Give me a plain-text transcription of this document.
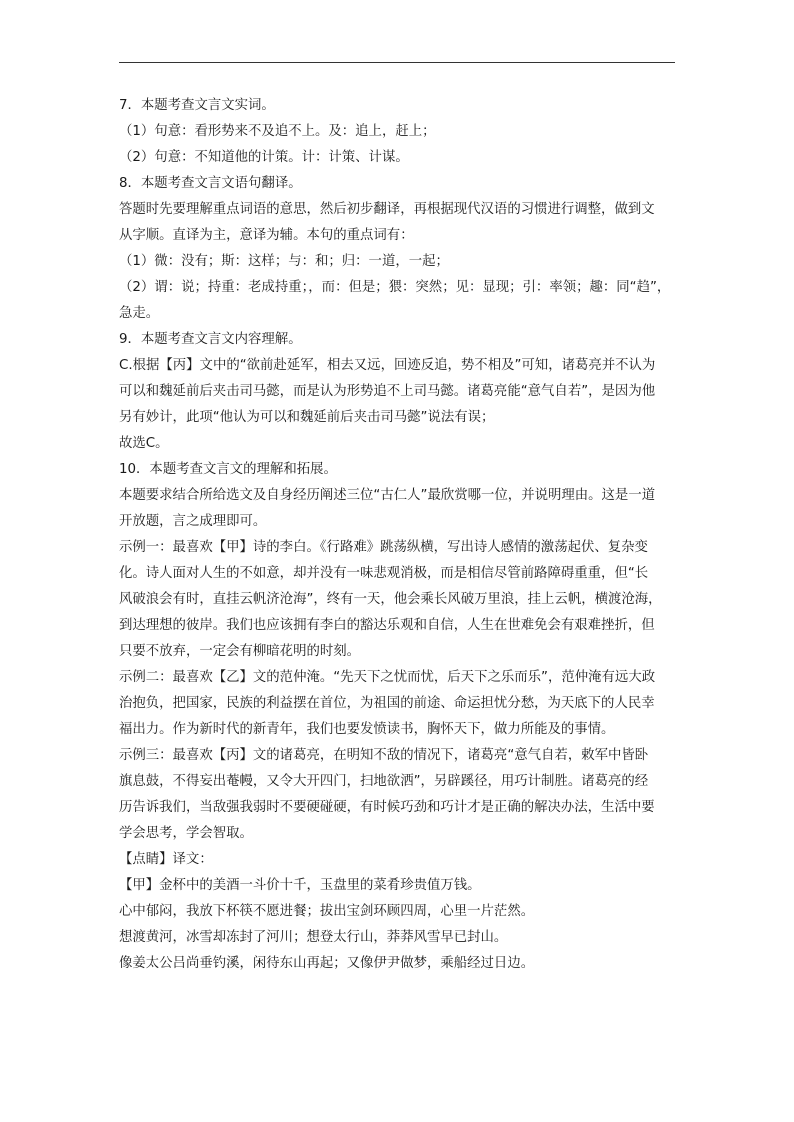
7．本题考查文言文实词。

（1）句意：看形势来不及追不上。及：追上，赶上；

（2）句意：不知道他的计策。计：计策、计谋。

8．本题考查文言文语句翻译。

答题时先要理解重点词语的意思，然后初步翻译，再根据现代汉语的习惯进行调整，做到文

从字顺。直译为主，意译为辅。本句的重点词有：

（1）微：没有；斯：这样；与：和；归：一道，一起；

（2）谓：说；持重：老成持重；，而：但是；猥：突然；见：显现；引：率领；趣：同“趋”，

急走。

9．本题考查文言文内容理解。

C.根据【丙】文中的“欲前赴延军，相去又远，回迹反追，势不相及”可知，诸葛亮并不认为

可以和魏延前后夹击司马懿，而是认为形势追不上司马懿。诸葛亮能“意气自若”，是因为他

另有妙计，此项“他认为可以和魏延前后夹击司马懿”说法有误；

故选C。

10．本题考查文言文的理解和拓展。

本题要求结合所给选文及自身经历阐述三位“古仁人”最欣赏哪一位，并说明理由。这是一道

开放题，言之成理即可。

示例一：最喜欢【甲】诗的李白。《行路难》跳荡纵横，写出诗人感情的激荡起伏、复杂变

化。诗人面对人生的不如意，却并没有一味悲观消极，而是相信尽管前路障碍重重，但“长

风破浪会有时，直挂云帆济沧海”，终有一天，他会乘长风破万里浪，挂上云帆，横渡沧海，

到达理想的彼岸。我们也应该拥有李白的豁达乐观和自信，人生在世难免会有艰难挫折，但

只要不放弃，一定会有柳暗花明的时刻。

示例二：最喜欢【乙】文的范仲淹。“先天下之忧而忧，后天下之乐而乐”，范仲淹有远大政

治抱负，把国家，民族的利益摆在首位，为祖国的前途、命运担忧分愁，为天底下的人民幸

福出力。作为新时代的新青年，我们也要发愤读书，胸怀天下，做力所能及的事情。

示例三：最喜欢【丙】文的诸葛亮，在明知不敌的情况下，诸葛亮“意气自若，敕军中皆卧

旗息鼓，不得妄出菴幔，又令大开四门，扫地欲洒”，另辟蹊径，用巧计制胜。诸葛亮的经

历告诉我们，当敌强我弱时不要硬碰硬，有时候巧劲和巧计才是正确的解决办法，生活中要

学会思考，学会智取。

【点睛】译文：

【甲】金杯中的美酒一斗价十千，玉盘里的菜肴珍贵值万钱。

心中郁闷，我放下杯筷不愿进餐；拔出宝剑环顾四周，心里一片茫然。

想渡黄河，冰雪却冻封了河川；想登太行山，莽莽风雪早已封山。

像姜太公吕尚垂钓溪，闲待东山再起；又像伊尹做梦，乘船经过日边。
